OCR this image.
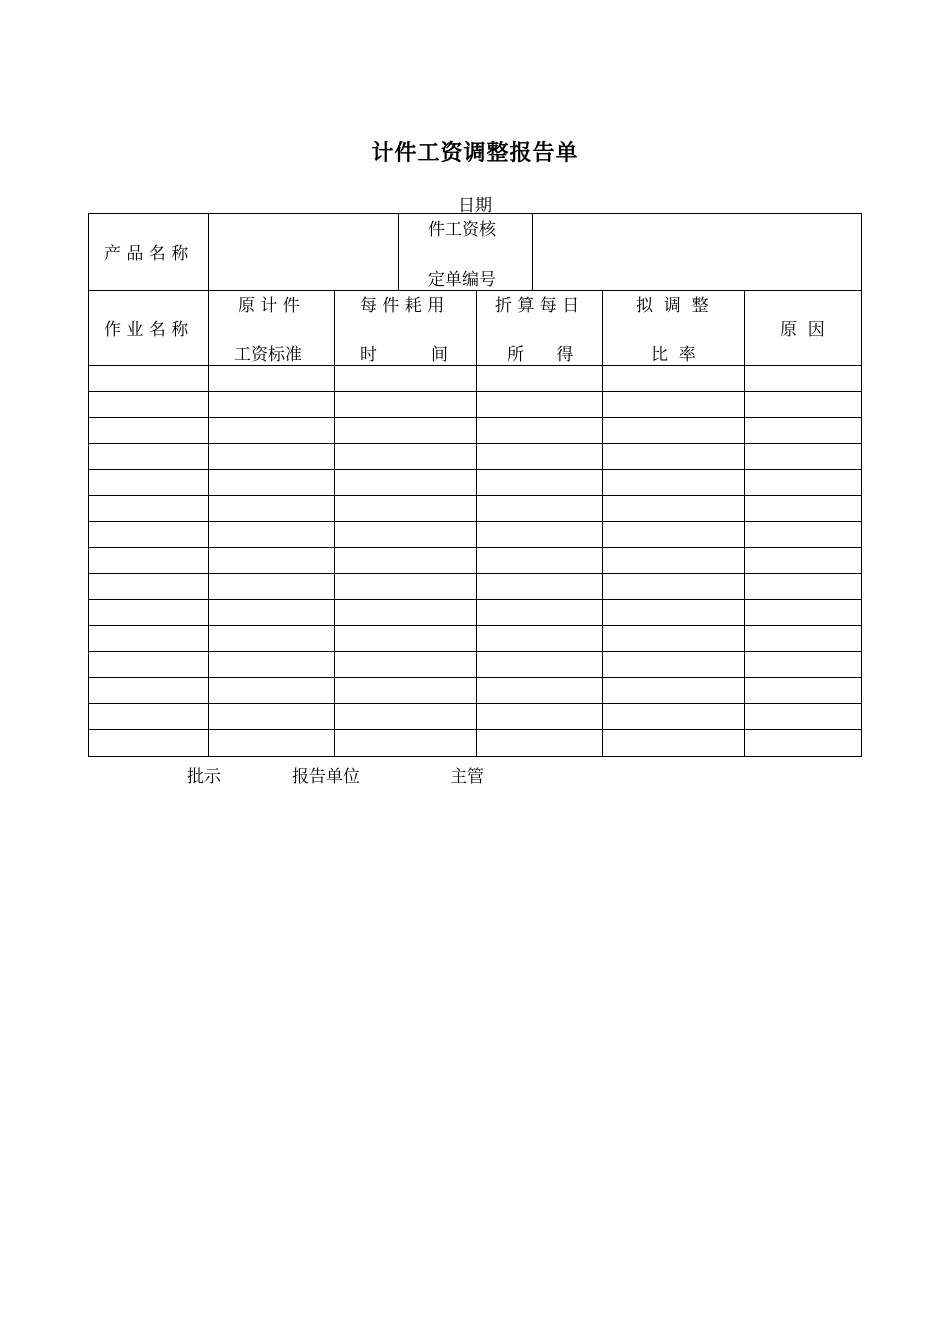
计件工资调整报告单
日期
产 品 名 称
件工资核
定单编号
作 业 名 称
原 计 件
工资标准
每 件 耗 用
时          间
折 算 每 日
所      得
拟  调  整
比  率
原  因
批示	报告单位	主管
